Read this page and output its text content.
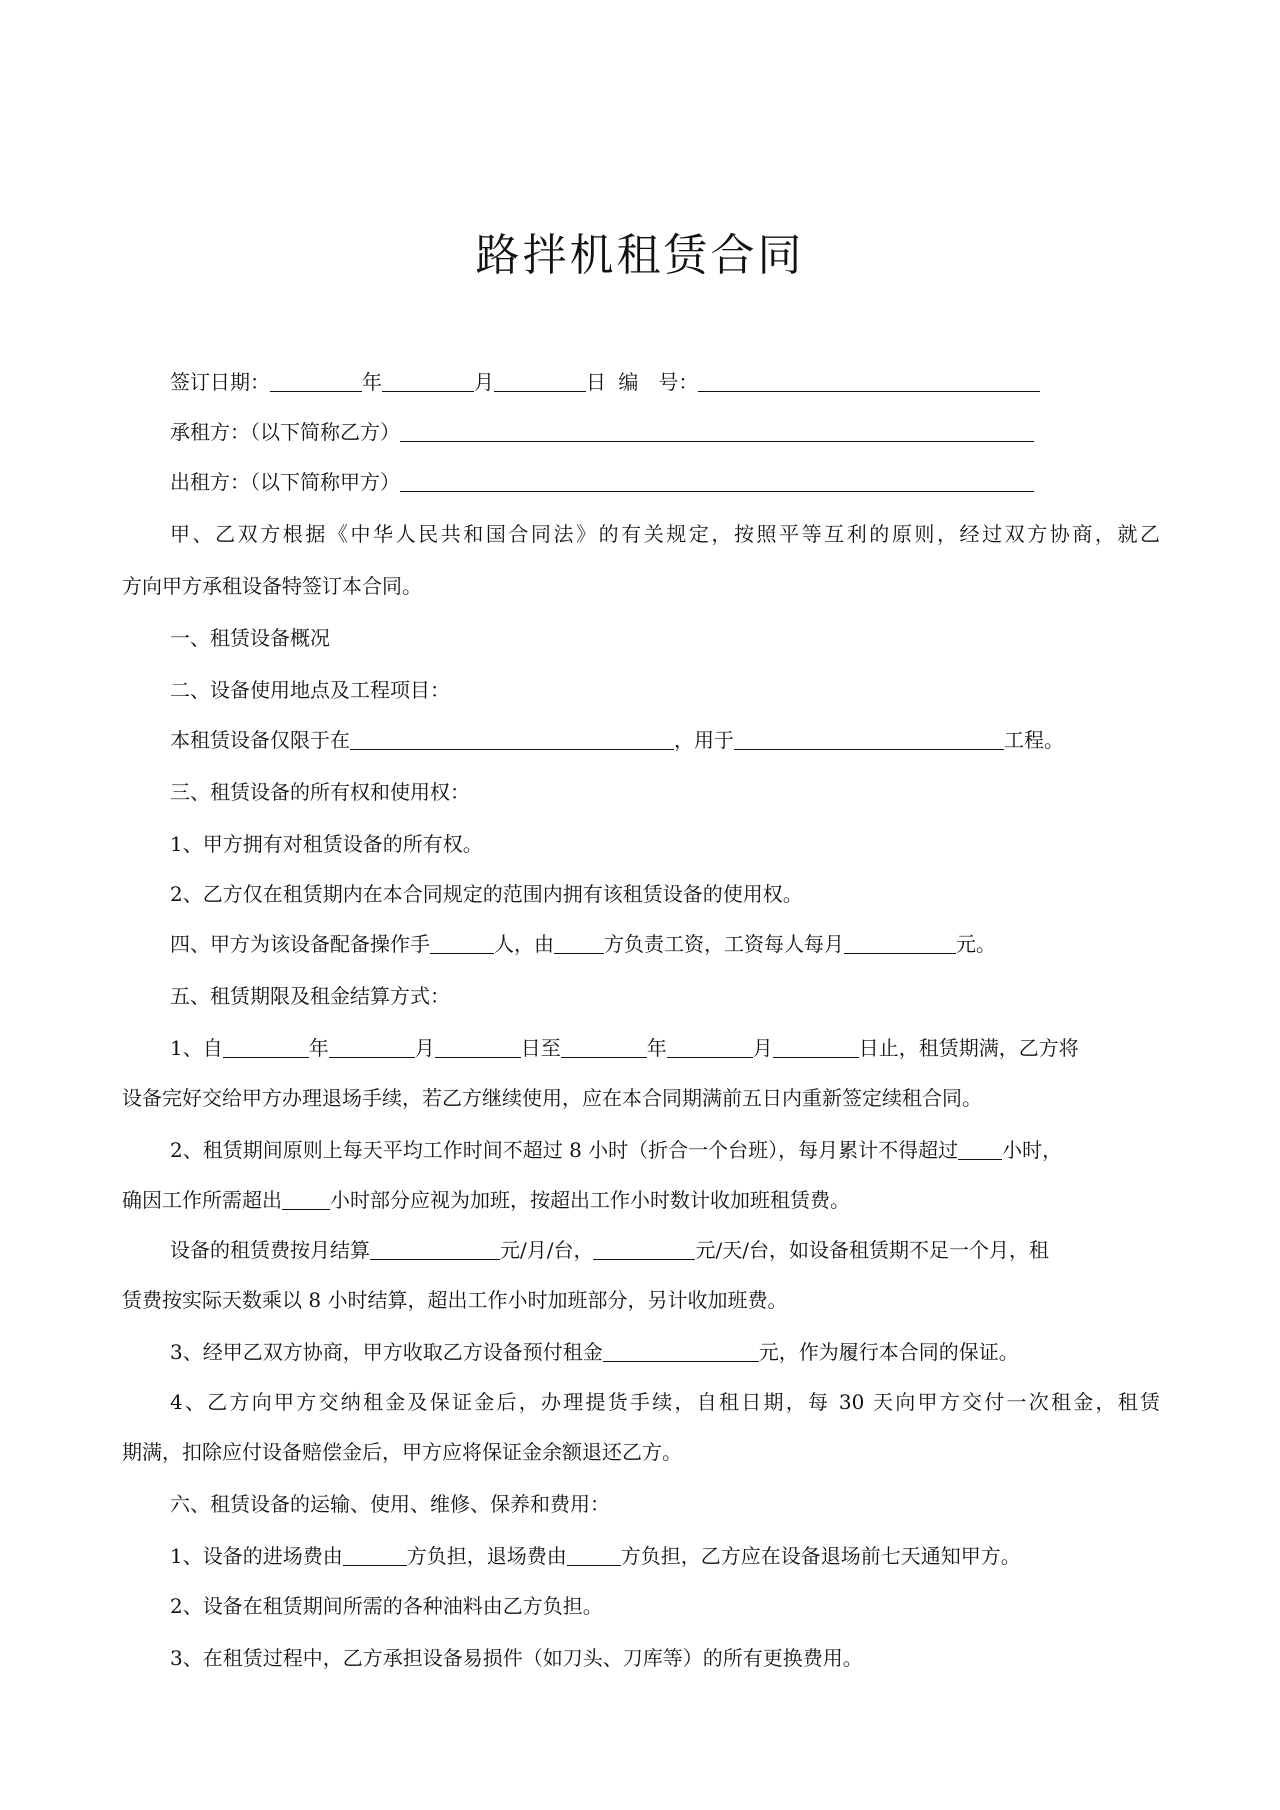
路拌机租赁合同
签订日期：	年	月	日 编　号：
承租方：（以下简称乙方）
出租方：（以下简称甲方）
甲、乙双方根据《中华人民共和国合同法》的有关规定，按照平等互利的原则，经过双方协商，就乙
方向甲方承租设备特签订本合同。
一、租赁设备概况
二、设备使用地点及工程项目：
本租赁设备仅限于在	，用于	工程。
三、租赁设备的所有权和使用权：
1、甲方拥有对租赁设备的所有权。
2、乙方仅在租赁期内在本合同规定的范围内拥有该租赁设备的使用权。
四、甲方为该设备配备操作手	人，由	方负责工资，工资每人每月	元。
五、租赁期限及租金结算方式：
1、自	年	月	日至	年	月	日止，租赁期满，乙方将
设备完好交给甲方办理退场手续，若乙方继续使用，应在本合同期满前五日内重新签定续租合同。
2、租赁期间原则上每天平均工作时间不超过 8 小时（折合一个台班），每月累计不得超过 小时，
确因工作所需超出 小时部分应视为加班，按超出工作小时数计收加班租赁费。
设备的租赁费按月结算	元/月/台，	元/天/台，如设备租赁期不足一个月，租
赁费按实际天数乘以 8 小时结算，超出工作小时加班部分，另计收加班费。
3、经甲乙双方协商，甲方收取乙方设备预付租金	元，作为履行本合同的保证。
4、乙方向甲方交纳租金及保证金后，办理提货手续，自租日期，每 30 天向甲方交付一次租金，租赁
期满，扣除应付设备赔偿金后，甲方应将保证金余额退还乙方。
六、租赁设备的运输、使用、维修、保养和费用：
1、设备的进场费由	方负担，退场费由	方负担，乙方应在设备退场前七天通知甲方。
2、设备在租赁期间所需的各种油料由乙方负担。
3、在租赁过程中，乙方承担设备易损件（如刀头、刀库等）的所有更换费用。
